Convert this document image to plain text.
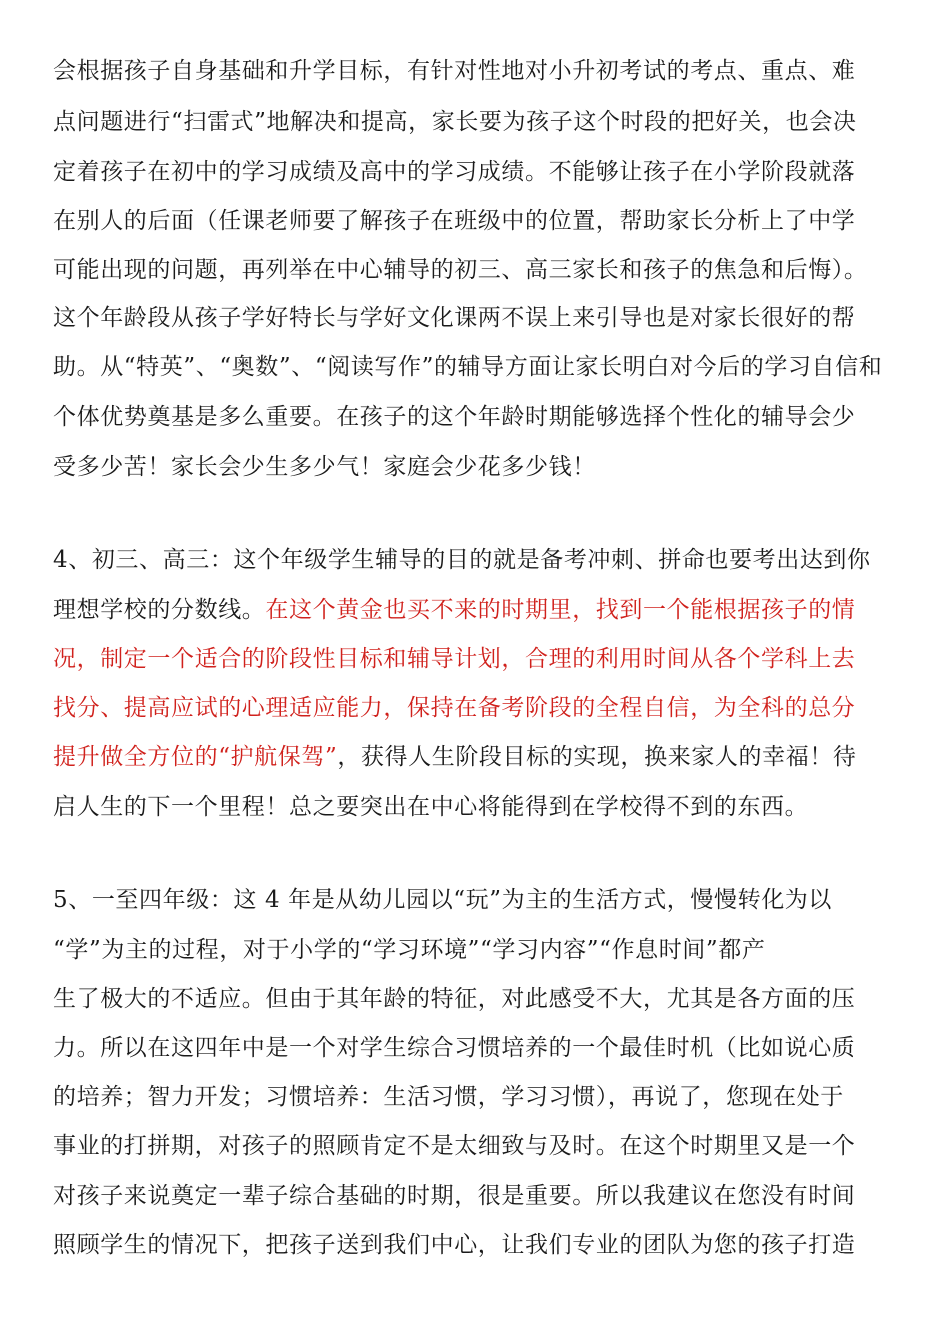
会根据孩子自身基础和升学目标，有针对性地对小升初考试的考点、重点、难
点问题进行“扫雷式”地解决和提高，家长要为孩子这个时段的把好关，也会决
定着孩子在初中的学习成绩及高中的学习成绩。不能够让孩子在小学阶段就落
在别人的后面（任课老师要了解孩子在班级中的位置，帮助家长分析上了中学
可能出现的问题，再列举在中心辅导的初三、高三家长和孩子的焦急和后悔）。
这个年龄段从孩子学好特长与学好文化课两不误上来引导也是对家长很好的帮
助。从“特英”、“奥数”、“阅读写作”的辅导方面让家长明白对今后的学习自信和
个体优势奠基是多么重要。在孩子的这个年龄时期能够选择个性化的辅导会少
受多少苦！家长会少生多少气！家庭会少花多少钱！
4、初三、高三：这个年级学生辅导的目的就是备考冲刺、拼命也要考出达到你
理想学校的分数线。在这个黄金也买不来的时期里，找到一个能根据孩子的情
况，制定一个适合的阶段性目标和辅导计划，合理的利用时间从各个学科上去
找分、提高应试的心理适应能力，保持在备考阶段的全程自信，为全科的总分
提升做全方位的“护航保驾”，获得人生阶段目标的实现，换来家人的幸福！待
启人生的下一个里程！总之要突出在中心将能得到在学校得不到的东西。
5、一至四年级：这 4 年是从幼儿园以“玩”为主的生活方式，慢慢转化为以
“学”为主的过程，对于小学的“学习环境”“学习内容”“作息时间”都产
生了极大的不适应。但由于其年龄的特征，对此感受不大，尤其是各方面的压
力。所以在这四年中是一个对学生综合习惯培养的一个最佳时机（比如说心质
的培养；智力开发；习惯培养：生活习惯，学习习惯），再说了，您现在处于
事业的打拼期，对孩子的照顾肯定不是太细致与及时。在这个时期里又是一个
对孩子来说奠定一辈子综合基础的时期，很是重要。所以我建议在您没有时间
照顾学生的情况下，把孩子送到我们中心，让我们专业的团队为您的孩子打造
